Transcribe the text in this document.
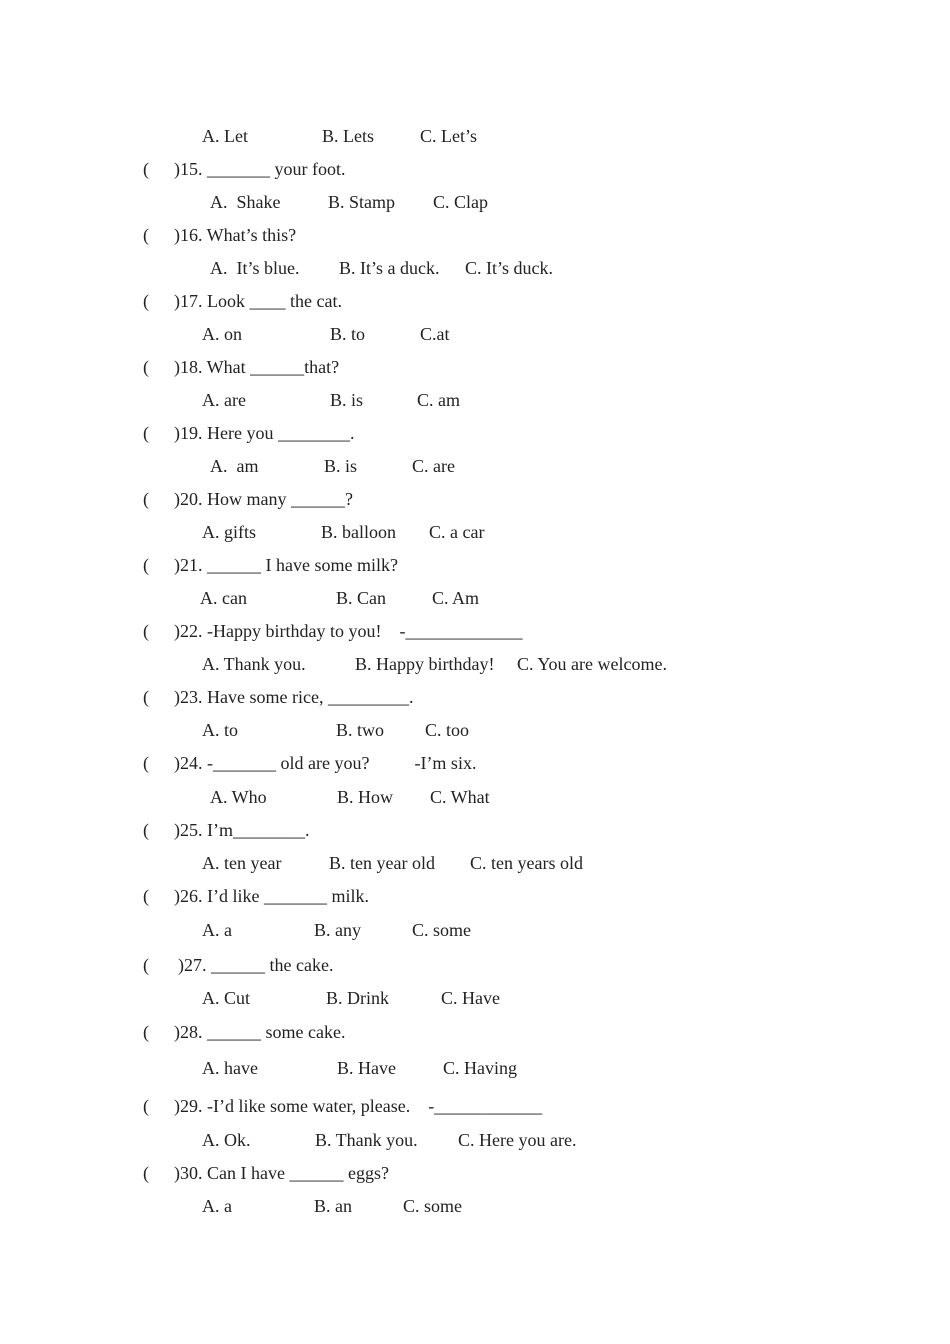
A. Let	B. Lets	C. Let’s
( )15. _______ your foot.
A.  Shake	B. Stamp C. Clap
( )16. What’s this?
A.  It’s blue. B. It’s a duck. C. It’s duck.
( )17. Look ____ the cat.
A. on	B. to	C.at
( )18. What ______that?
A. are	B. is	C. am
( )19. Here you ________.
A.  am	B. is	C. are
( )20. How many ______?
A. gifts	B. balloon C. a car
( )21. ______ I have some milk?
A. can	B. Can	C. Am
( )22. -Happy birthday to you!    -_____________
A. Thank you.	B. Happy birthday! C. You are welcome.
( )23. Have some rice, _________.
A. to	B. two C. too
( )24. -_______ old are you?          -I’m six.
A. Who	B. How C. What
( )25. I’m________.
A. ten year	B. ten year old C. ten years old
( )26. I’d like _______ milk.
A. a	B. any	C. some
( )27. ______ the cake.
A. Cut	B. Drink	C. Have
( )28. ______ some cake.
A. have	B. Have	C. Having
( )29. -I’d like some water, please.    -____________
A. Ok.	B. Thank you. C. Here you are.
( )30. Can I have ______ eggs?
A. a	B. an	C. some
